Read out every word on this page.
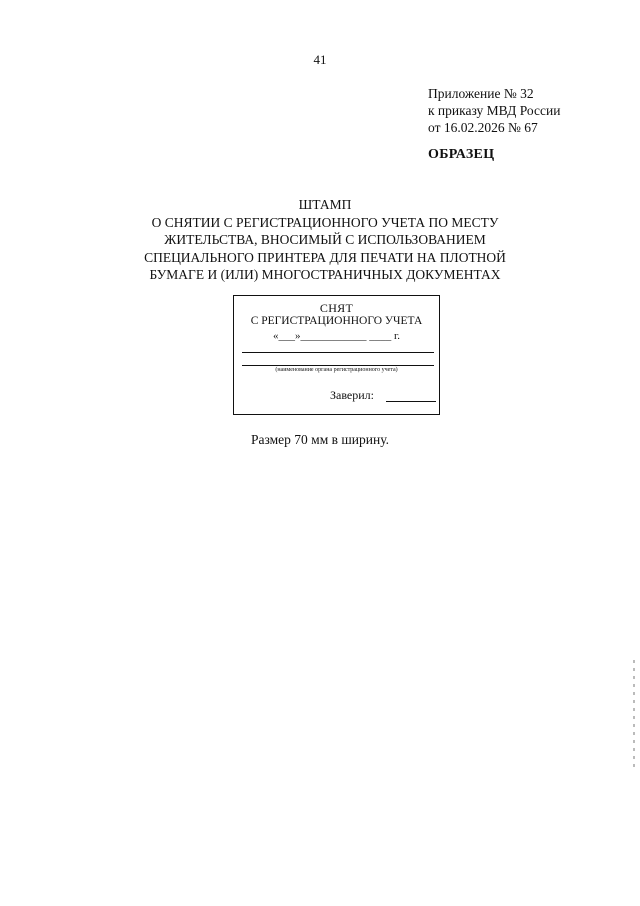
41
Приложение № 32
к приказу МВД России
от 16.02.2026 № 67
ОБРАЗЕЦ
ШТАМП
О СНЯТИИ С РЕГИСТРАЦИОННОГО УЧЕТА ПО МЕСТУ
ЖИТЕЛЬСТВА, ВНОСИМЫЙ С ИСПОЛЬЗОВАНИЕМ
СПЕЦИАЛЬНОГО ПРИНТЕРА ДЛЯ ПЕЧАТИ НА ПЛОТНОЙ
БУМАГЕ И (ИЛИ) МНОГОСТРАНИЧНЫХ ДОКУМЕНТАХ
СНЯТ
С РЕГИСТРАЦИОННОГО УЧЕТА
«___»____________ ____ г.
(наименование органа регистрационного учета)
Заверил:
Размер 70 мм в ширину.
